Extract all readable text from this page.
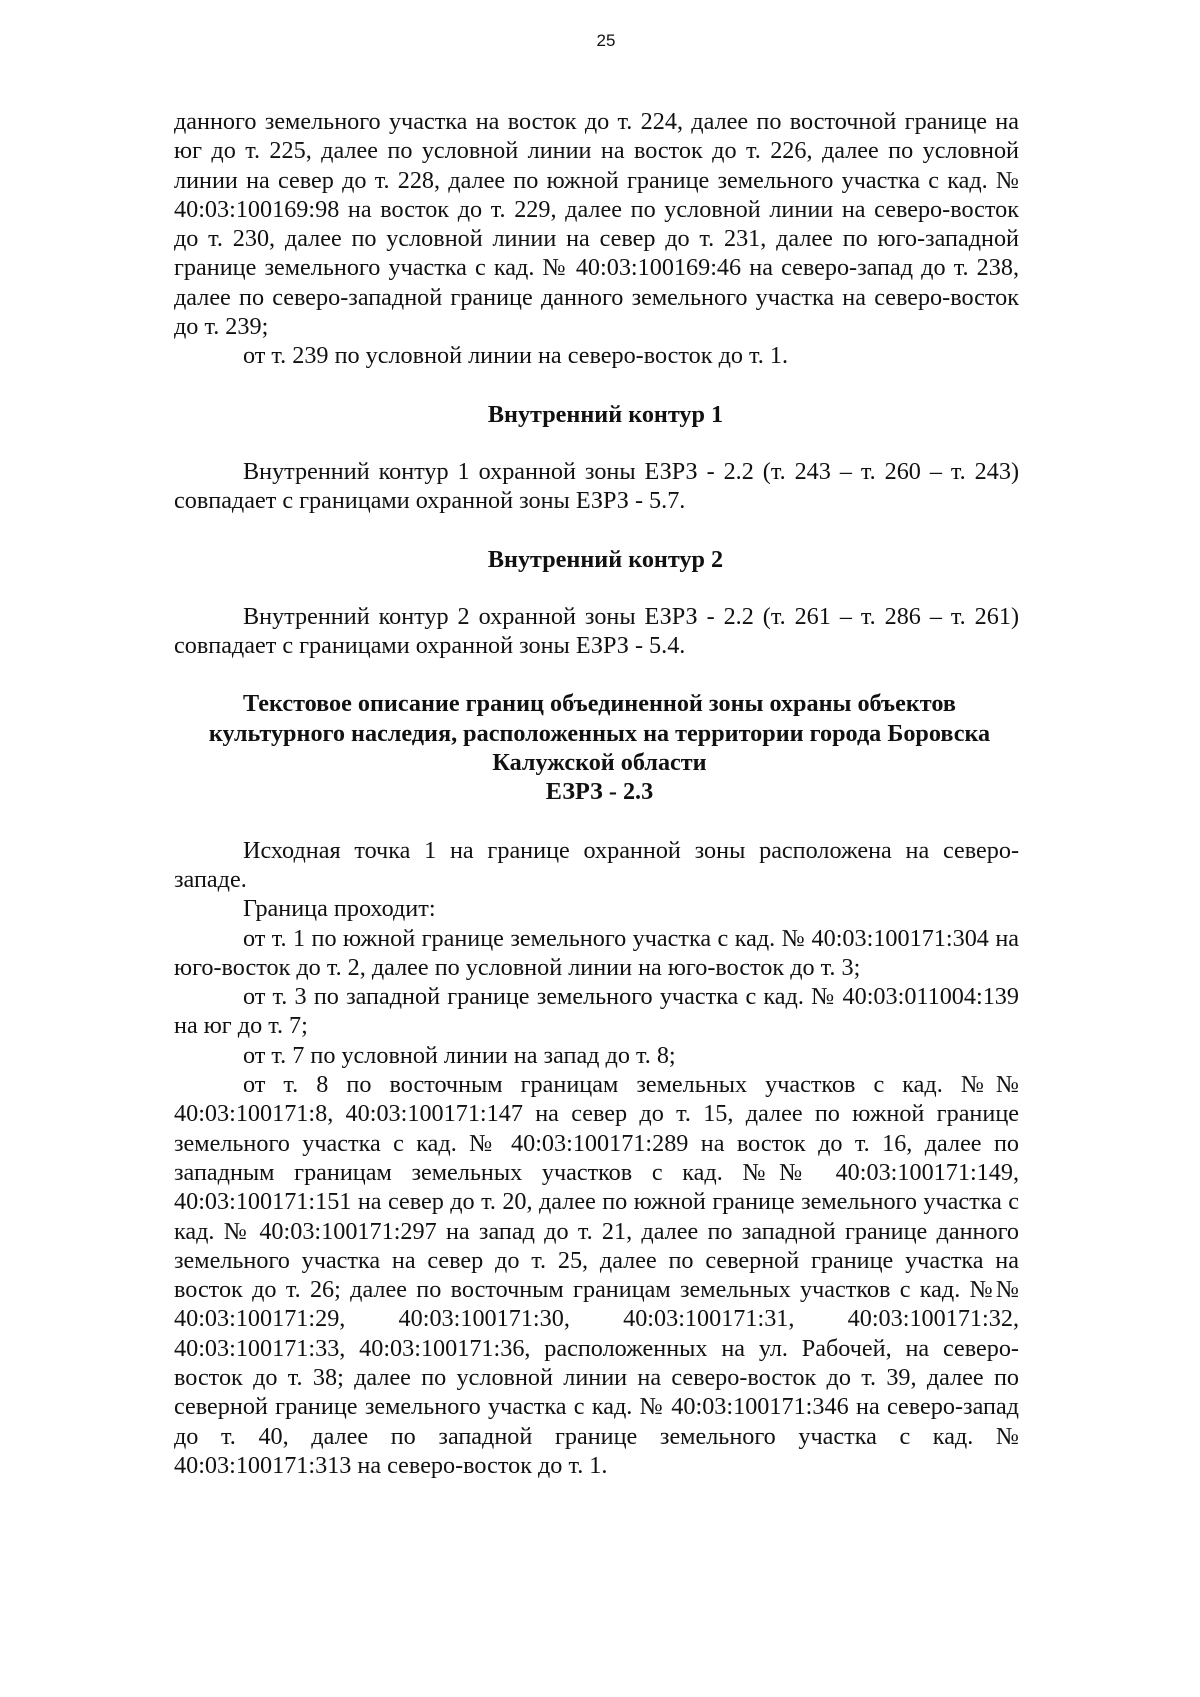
25

данного земельного участка на восток до т. 224, далее по восточной границе на юг до т. 225, далее по условной линии на восток до т. 226, далее по условной линии на север до т. 228, далее по южной границе земельного участка с кад. № 40:03:100169:98 на восток до т. 229, далее по условной линии на северо-восток до т. 230, далее по условной линии на север до т. 231, далее по юго-западной границе земельного участка с кад. № 40:03:100169:46 на северо-запад до т. 238, далее по северо-западной границе данного земельного участка на северо-восток до т. 239;

от т. 239 по условной линии на северо-восток до т. 1.

Внутренний контур 1

Внутренний контур 1 охранной зоны ЕЗРЗ - 2.2 (т. 243 – т. 260 – т. 243) совпадает с границами охранной зоны ЕЗРЗ - 5.7.

Внутренний контур 2

Внутренний контур 2 охранной зоны ЕЗРЗ - 2.2 (т. 261 – т. 286 – т. 261) совпадает с границами охранной зоны ЕЗРЗ - 5.4.

Текстовое описание границ объединенной зоны охраны объектов

культурного наследия, расположенных на территории города Боровска

Калужской области

ЕЗРЗ - 2.3

Исходная точка 1 на границе охранной зоны расположена на северо-западе.

Граница проходит:

от т. 1 по южной границе земельного участка с кад. № 40:03:100171:304 на юго-восток до т. 2, далее по условной линии на юго-восток до т. 3;

от т. 3 по западной границе земельного участка с кад. № 40:03:011004:139 на юг до т. 7;

от т. 7 по условной линии на запад до т. 8;

от т. 8 по восточным границам земельных участков с кад. №№ 40:03:100171:8, 40:03:100171:147 на север до т. 15, далее по южной границе земельного участка с кад. № 40:03:100171:289 на восток до т. 16, далее по западным границам земельных участков с кад. №№ 40:03:100171:149, 40:03:100171:151 на север до т. 20, далее по южной границе земельного участка с кад. № 40:03:100171:297 на запад до т. 21, далее по западной границе данного земельного участка на север до т. 25, далее по северной границе участка на восток до т. 26; далее по восточным границам земельных участков с кад. №№ 40:03:100171:29, 40:03:100171:30, 40:03:100171:31, 40:03:100171:32, 40:03:100171:33, 40:03:100171:36, расположенных на ул. Рабочей, на северо-восток до т. 38; далее по условной линии на северо-восток до т. 39, далее по северной границе земельного участка с кад. № 40:03:100171:346 на северо-запад до т. 40, далее по западной границе земельного участка с кад. № 40:03:100171:313 на северо-восток до т. 1.
